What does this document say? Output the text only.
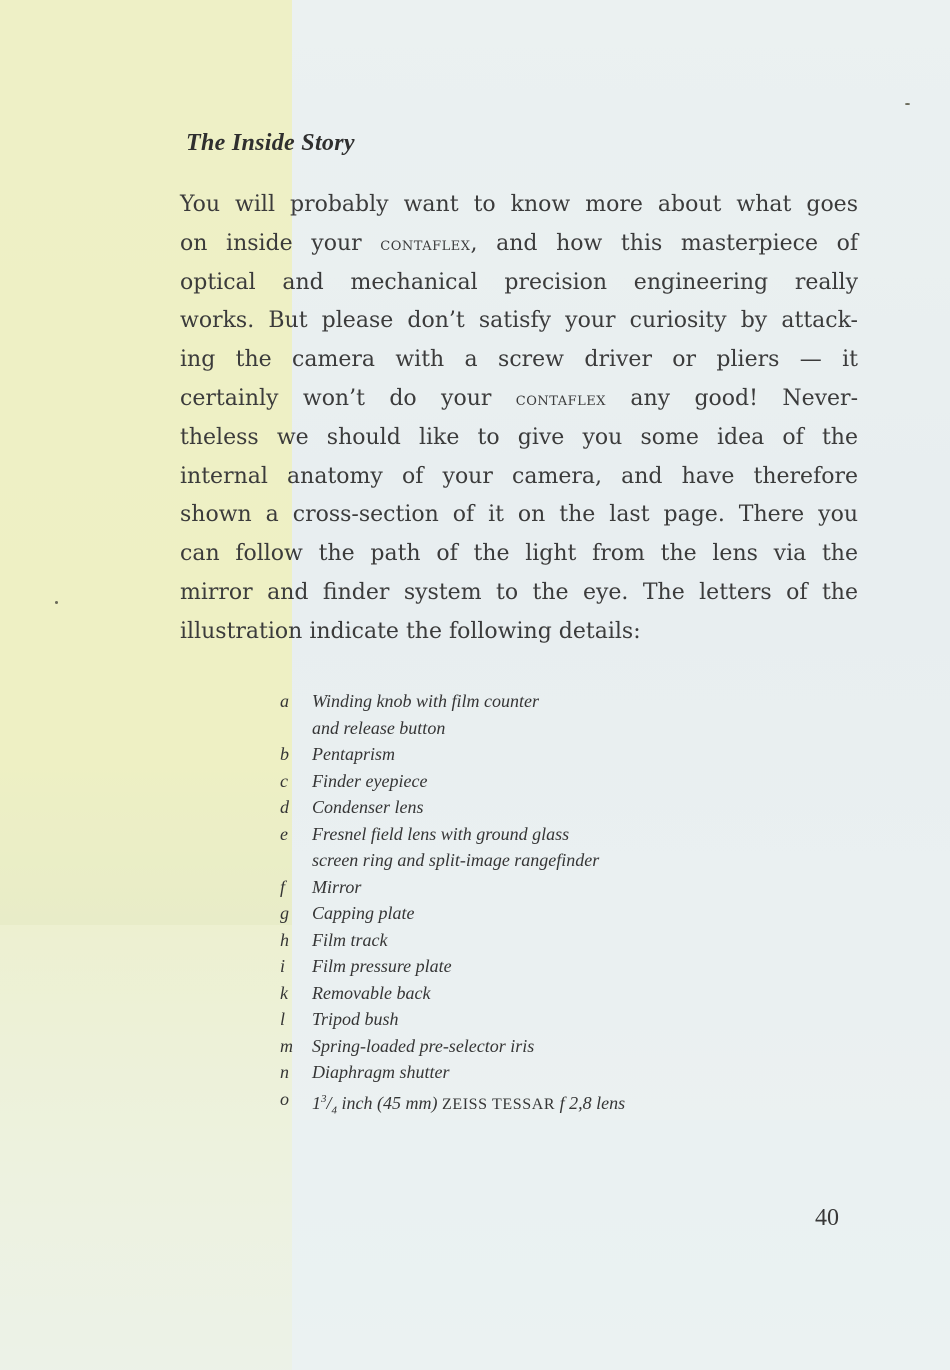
The Inside Story
You will probably want to know more about what goes
on inside your contaflex, and how this masterpiece of
optical and mechanical precision engineering really
works. But please don’t satisfy your curiosity by attack-
ing the camera with a screw driver or pliers — it
certainly won’t do your contaflex any good! Never-
theless we should like to give you some idea of the
internal anatomy of your camera, and have therefore
shown a cross-section of it on the last page. There you
can follow the path of the light from the lens via the
mirror and finder system to the eye. The letters of the
illustration indicate the following details:
a Winding knob with film counter
and release button
b Pentaprism
c Finder eyepiece
d Condenser lens
e Fresnel field lens with ground glass
screen ring and split-image rangefinder
f Mirror
g Capping plate
h Film track
i Film pressure plate
k Removable back
l Tripod bush
m Spring-loaded pre-selector iris
n Diaphragm shutter
o $1^3/_4$ inch (45 mm) ZEISS TESSAR f 2,8 lens
40
